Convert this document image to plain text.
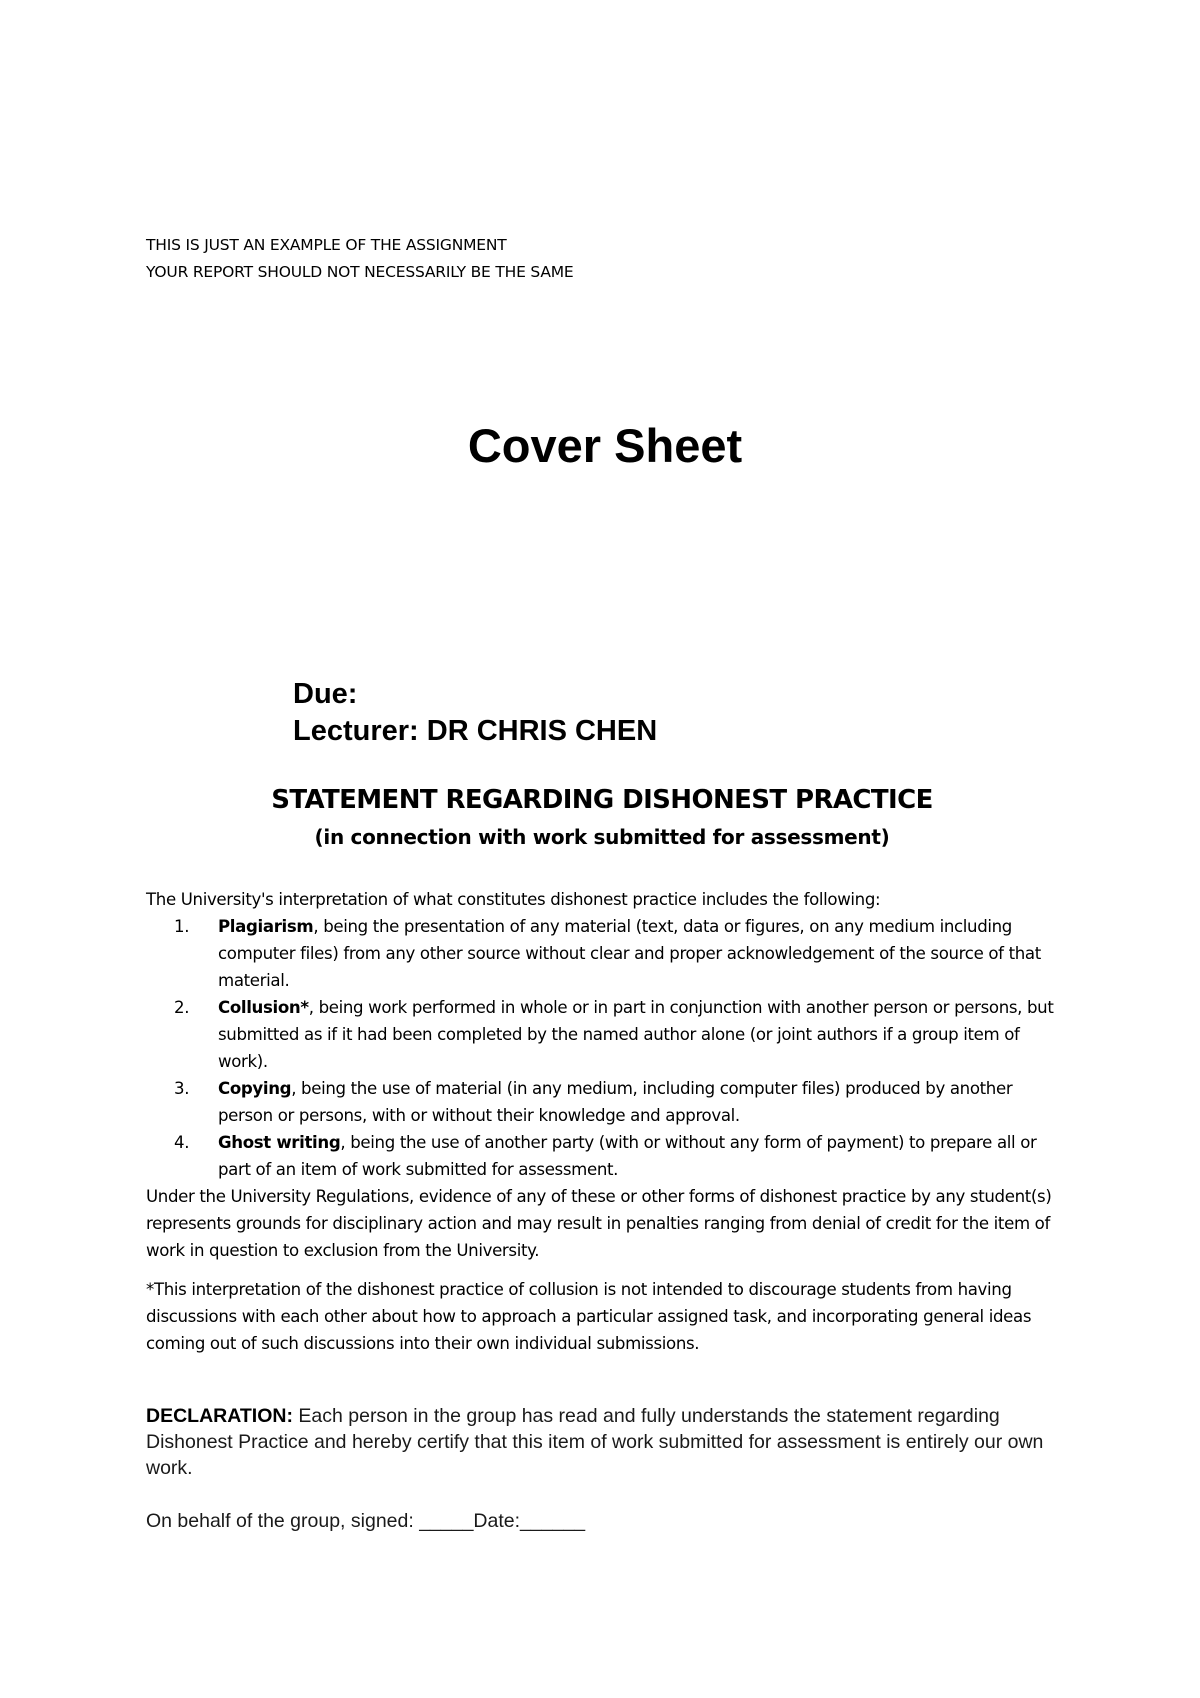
THIS IS JUST AN EXAMPLE OF THE ASSIGNMENT
YOUR REPORT SHOULD NOT NECESSARILY BE THE SAME
Cover Sheet
Due:
Lecturer: DR CHRIS CHEN
STATEMENT REGARDING DISHONEST PRACTICE
(in connection with work submitted for assessment)

The University's interpretation of what constitutes dishonest practice includes the following:

1. Plagiarism, being the presentation of any material (text, data or figures, on any medium including computer files) from any other source without clear and proper acknowledgement of the source of that material.
2. Collusion*, being work performed in whole or in part in conjunction with another person or persons, but submitted as if it had been completed by the named author alone (or joint authors if a group item of work).
3. Copying, being the use of material (in any medium, including computer files) produced by another person or persons, with or without their knowledge and approval.
4. Ghost writing, being the use of another party (with or without any form of payment) to prepare all or part of an item of work submitted for assessment.

Under the University Regulations, evidence of any of these or other forms of dishonest practice by any student(s) represents grounds for disciplinary action and may result in penalties ranging from denial of credit for the item of work in question to exclusion from the University.

*This interpretation of the dishonest practice of collusion is not intended to discourage students from having discussions with each other about how to approach a particular assigned task, and incorporating general ideas coming out of such discussions into their own individual submissions.

DECLARATION: Each person in the group has read and fully understands the statement regarding Dishonest Practice and hereby certify that this item of work submitted for assessment is entirely our own work.
On behalf of the group, signed: _____Date:______
